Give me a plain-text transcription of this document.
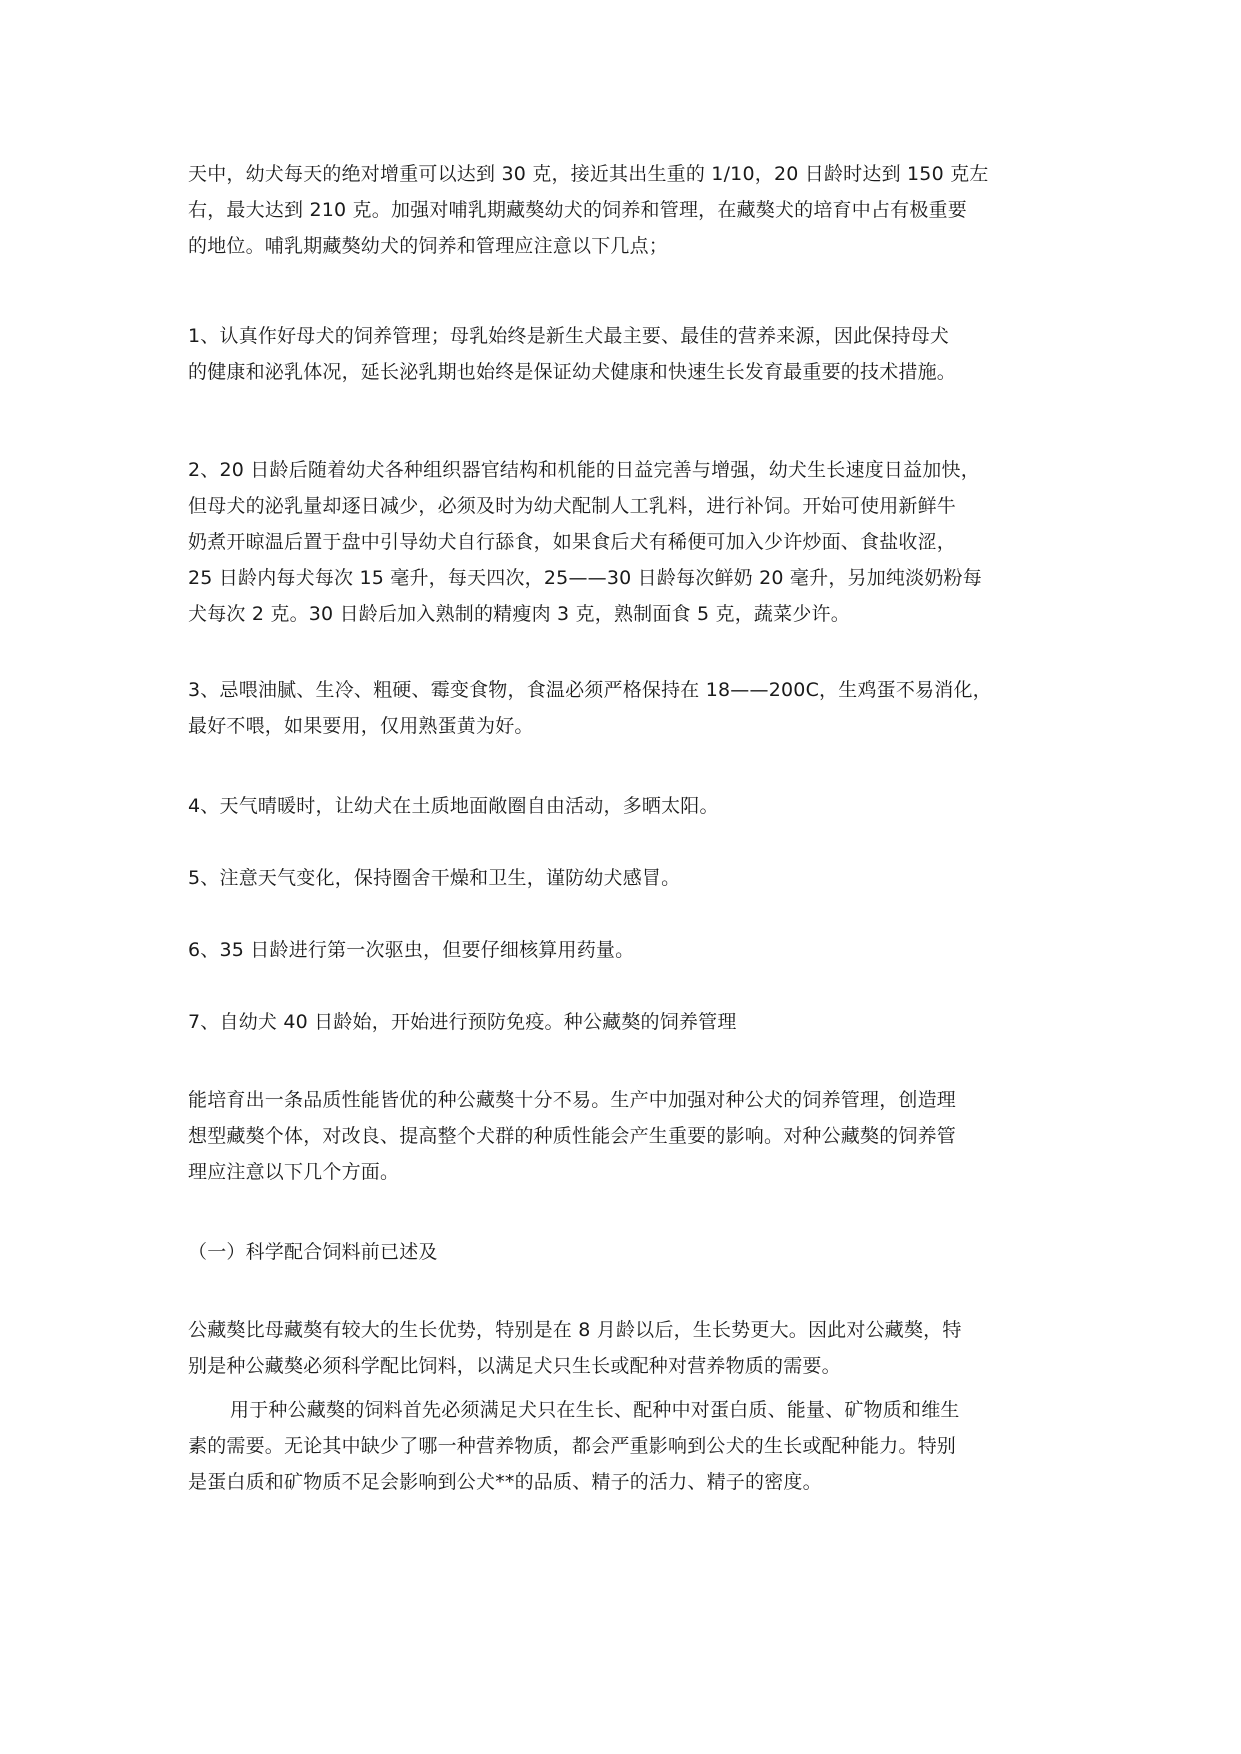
天中，幼犬每天的绝对增重可以达到 30 克，接近其出生重的 1/10，20 日龄时达到 150 克左
右，最大达到 210 克。加强对哺乳期藏獒幼犬的饲养和管理，在藏獒犬的培育中占有极重要
的地位。哺乳期藏獒幼犬的饲养和管理应注意以下几点；

1、认真作好母犬的饲养管理；母乳始终是新生犬最主要、最佳的营养来源，因此保持母犬
的健康和泌乳体况，延长泌乳期也始终是保证幼犬健康和快速生长发育最重要的技术措施。

2、20 日龄后随着幼犬各种组织器官结构和机能的日益完善与增强，幼犬生长速度日益加快，
但母犬的泌乳量却逐日减少，必须及时为幼犬配制人工乳料，进行补饲。开始可使用新鲜牛
奶煮开晾温后置于盘中引导幼犬自行舔食，如果食后犬有稀便可加入少许炒面、食盐收涩，
25 日龄内每犬每次 15 毫升，每天四次，25——30 日龄每次鲜奶 20 毫升，另加纯淡奶粉每
犬每次 2 克。30 日龄后加入熟制的精瘦肉 3 克，熟制面食 5 克，蔬菜少许。

3、忌喂油腻、生冷、粗硬、霉变食物，食温必须严格保持在 18——200C，生鸡蛋不易消化，
最好不喂，如果要用，仅用熟蛋黄为好。

4、天气晴暖时，让幼犬在土质地面敞圈自由活动，多晒太阳。

5、注意天气变化，保持圈舍干燥和卫生，谨防幼犬感冒。

6、35 日龄进行第一次驱虫，但要仔细核算用药量。

7、自幼犬 40 日龄始，开始进行预防免疫。种公藏獒的饲养管理

能培育出一条品质性能皆优的种公藏獒十分不易。生产中加强对种公犬的饲养管理，创造理
想型藏獒个体，对改良、提高整个犬群的种质性能会产生重要的影响。对种公藏獒的饲养管
理应注意以下几个方面。

（一）科学配合饲料前已述及

公藏獒比母藏獒有较大的生长优势，特别是在 8 月龄以后，生长势更大。因此对公藏獒，特
别是种公藏獒必须科学配比饲料，以满足犬只生长或配种对营养物质的需要。

用于种公藏獒的饲料首先必须满足犬只在生长、配种中对蛋白质、能量、矿物质和维生
素的需要。无论其中缺少了哪一种营养物质，都会严重影响到公犬的生长或配种能力。特别
是蛋白质和矿物质不足会影响到公犬**的品质、精子的活力、精子的密度。
